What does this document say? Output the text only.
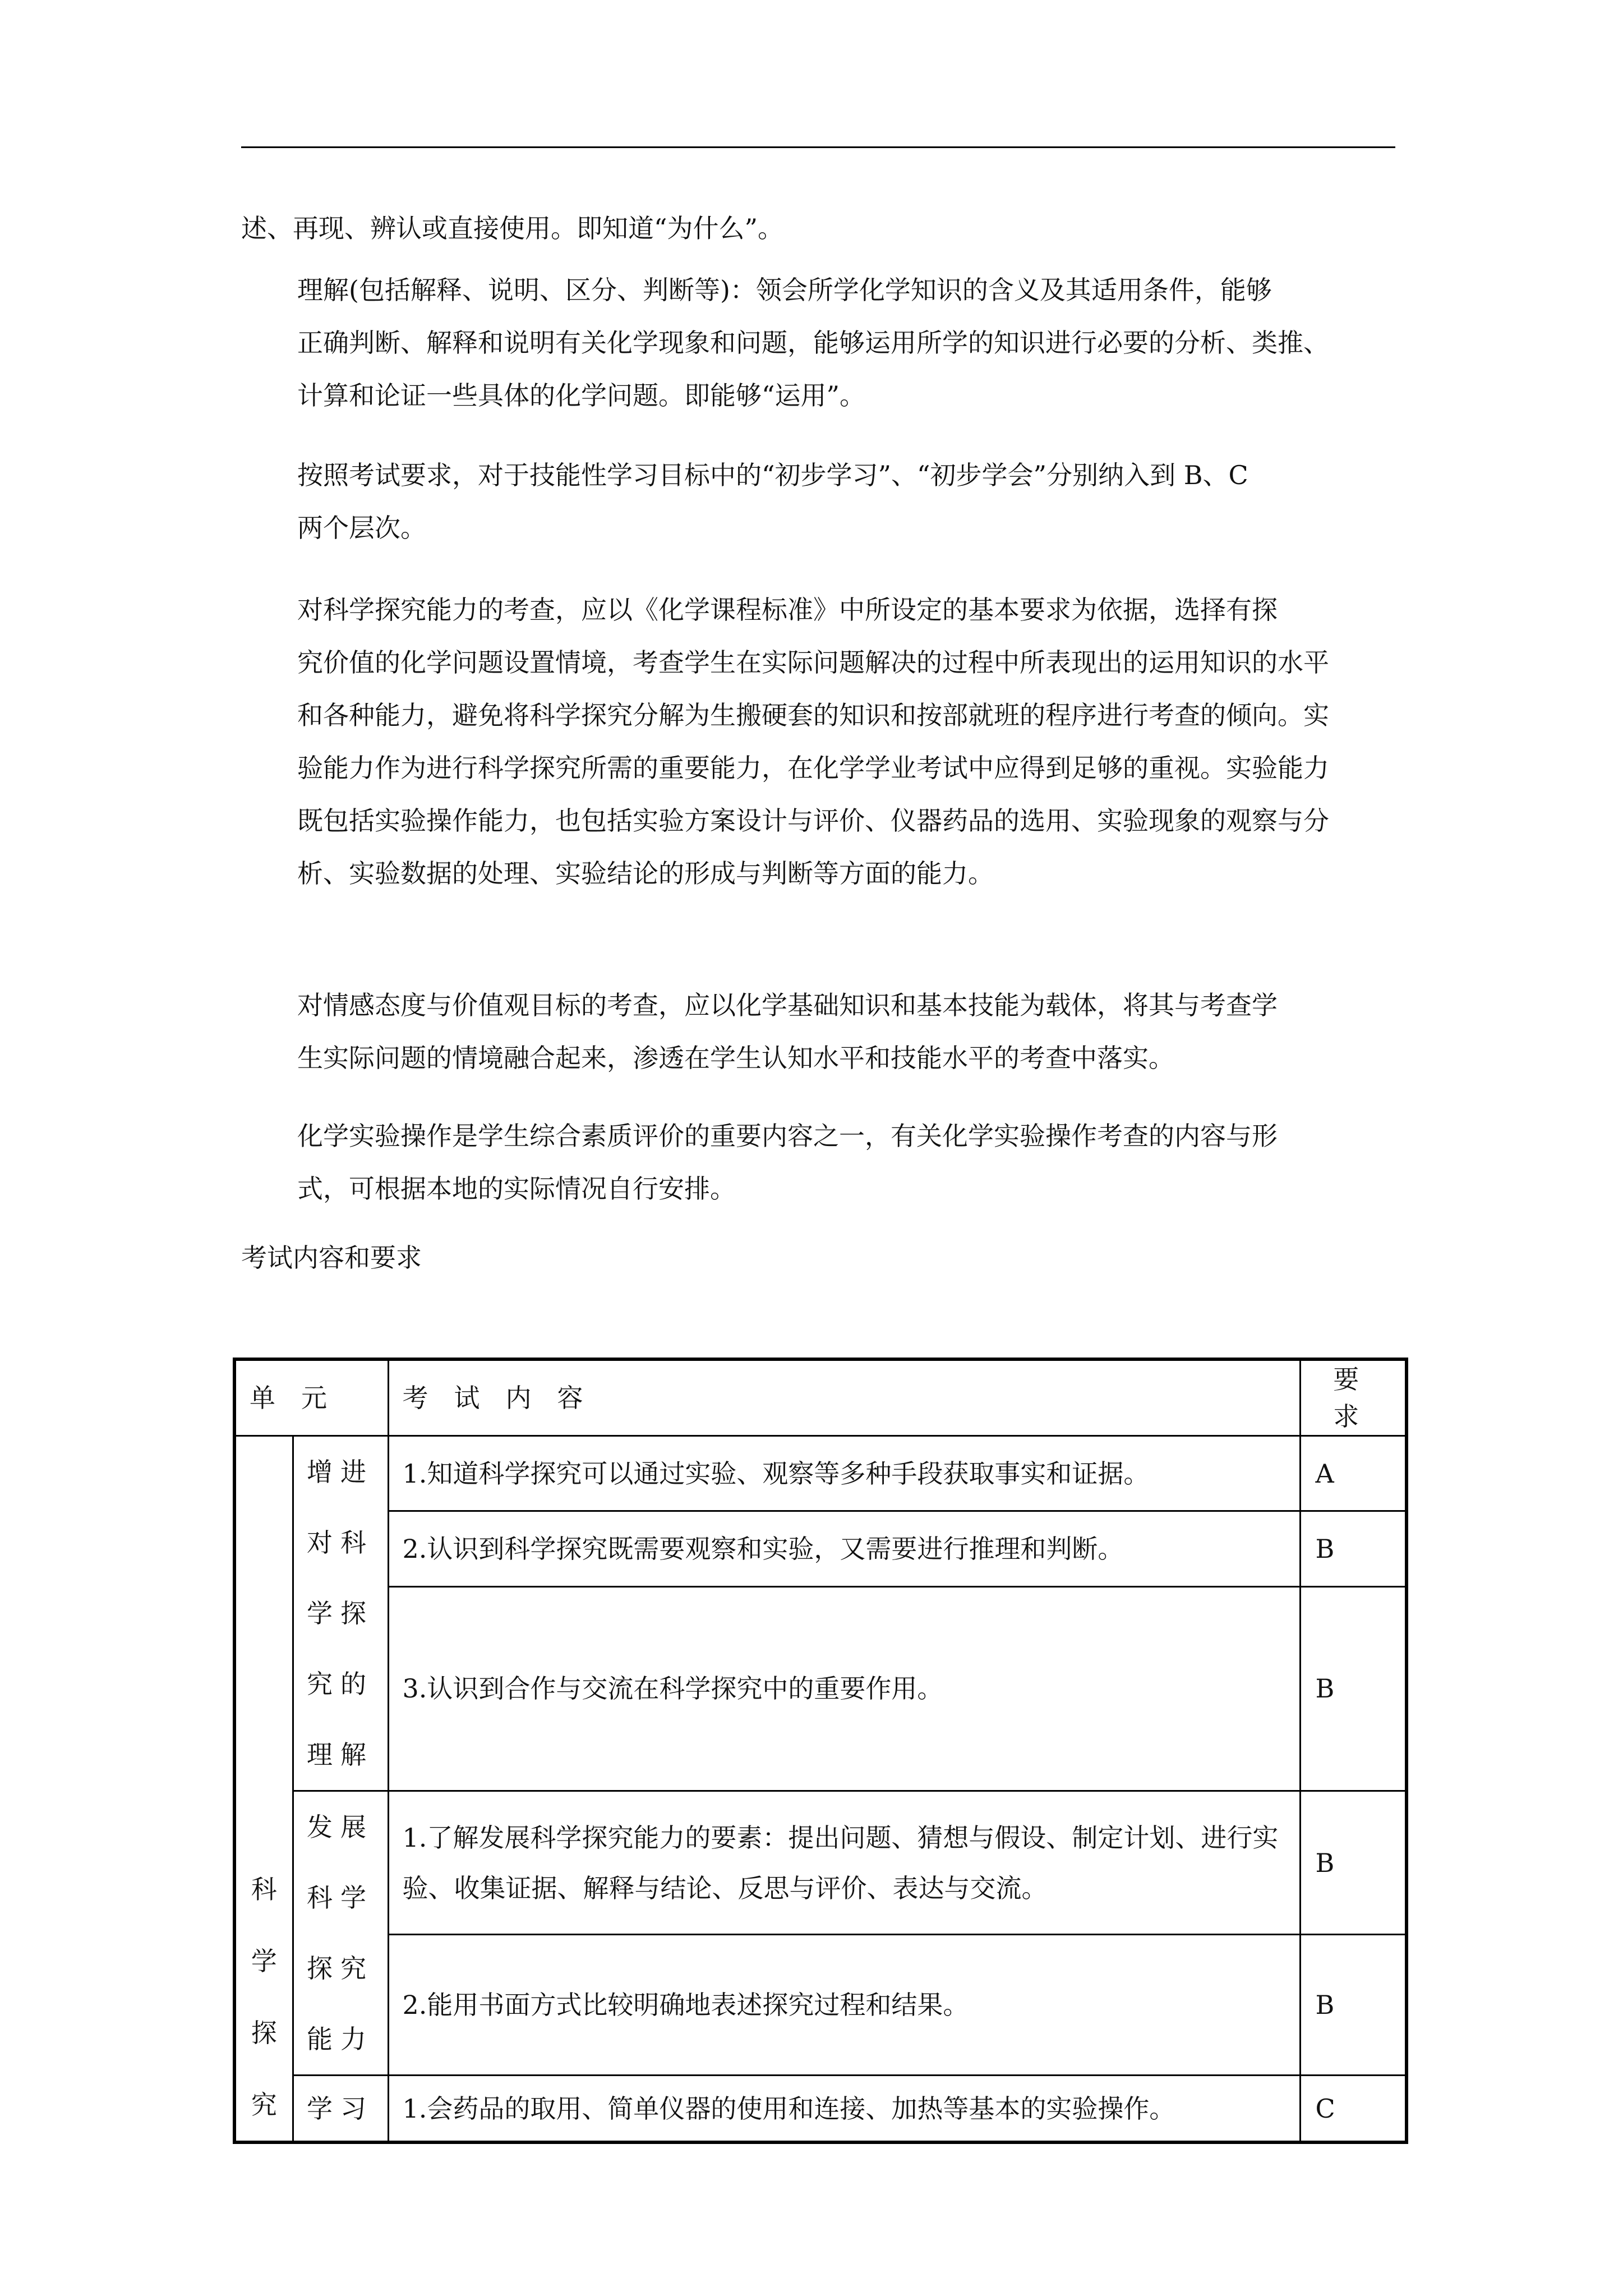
述、再现、辨认或直接使用。即知道“为什么”。

理解(包括解释、说明、区分、判断等)：领会所学化学知识的含义及其适用条件，能够
正确判断、解释和说明有关化学现象和问题，能够运用所学的知识进行必要的分析、类推、
计算和论证一些具体的化学问题。即能够“运用”。

按照考试要求，对于技能性学习目标中的“初步学习”、“初步学会”分别纳入到 B、C
两个层次。

对科学探究能力的考查，应以《化学课程标准》中所设定的基本要求为依据，选择有探
究价值的化学问题设置情境，考查学生在实际问题解决的过程中所表现出的运用知识的水平
和各种能力，避免将科学探究分解为生搬硬套的知识和按部就班的程序进行考查的倾向。实
验能力作为进行科学探究所需的重要能力，在化学学业考试中应得到足够的重视。实验能力
既包括实验操作能力，也包括实验方案设计与评价、仪器药品的选用、实验现象的观察与分
析、实验数据的处理、实验结论的形成与判断等方面的能力。

对情感态度与价值观目标的考查，应以化学基础知识和基本技能为载体，将其与考查学
生实际问题的情境融合起来，渗透在学生认知水平和技能水平的考查中落实。

化学实验操作是学生综合素质评价的重要内容之一，有关化学实验操作考查的内容与形
式，可根据本地的实际情况自行安排。

考试内容和要求

单元		考试内容	要求

科
学
探
究	增进
对科
学探
究的
理解	1.知道科学探究可以通过实验、观察等多种手段获取事实和证据。	A
		2.认识到科学探究既需要观察和实验，又需要进行推理和判断。	B
		3.认识到合作与交流在科学探究中的重要作用。	B

	发展
科学
探究
能力	1.了解发展科学探究能力的要素：提出问题、猜想与假设、制定计划、进行实验、收集证据、解释与结论、反思与评价、表达与交流。	B
		2.能用书面方式比较明确地表述探究过程和结果。	B

	学习	1.会药品的取用、简单仪器的使用和连接、加热等基本的实验操作。	C
